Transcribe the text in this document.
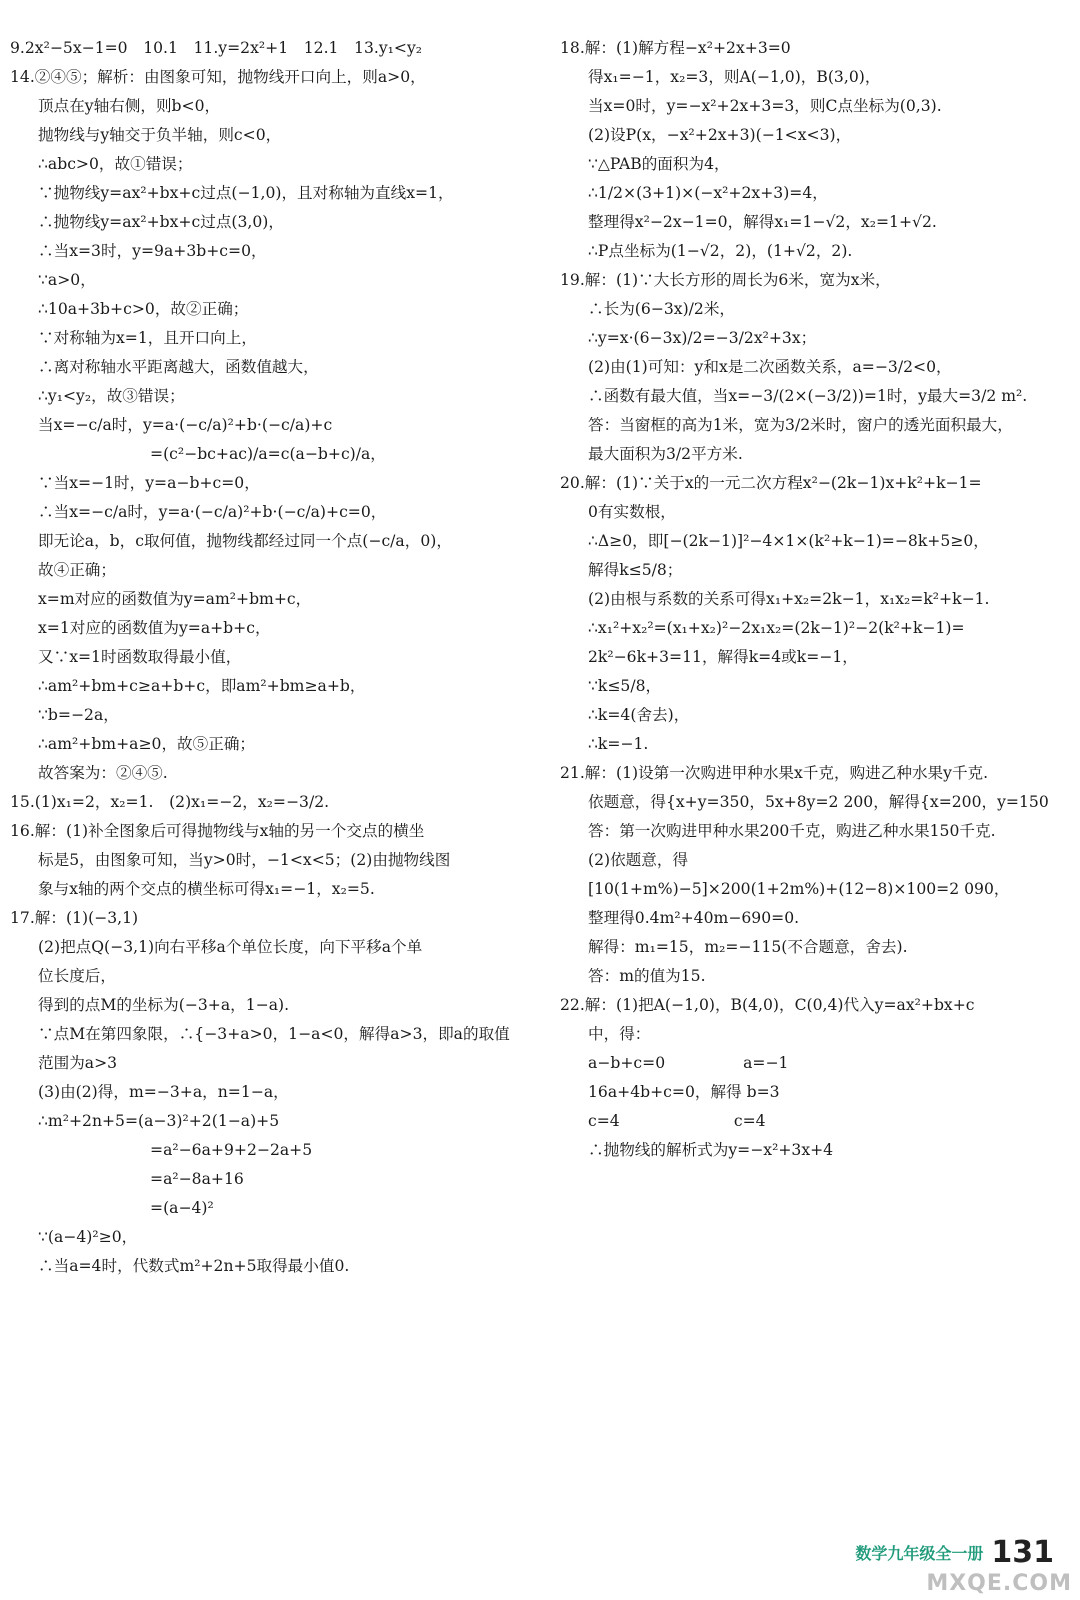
9.2x²−5x−1=0　10.1　11.y=2x²+1　12.1　13.y₁<y₂
14.②④⑤；解析：由图象可知，抛物线开口向上，则a>0，
顶点在y轴右侧，则b<0，
抛物线与y轴交于负半轴，则c<0，
∴abc>0，故①错误；
∵抛物线y=ax²+bx+c过点(−1,0)，且对称轴为直线x=1，
∴抛物线y=ax²+bx+c过点(3,0)，
∴当x=3时，y=9a+3b+c=0，
∵a>0，
∴10a+3b+c>0，故②正确；
∵对称轴为x=1，且开口向上，
∴离对称轴水平距离越大，函数值越大，
∴y₁<y₂，故③错误；
当x=−c/a时，y=a·(−c/a)²+b·(−c/a)+c
=(c²−bc+ac)/a=c(a−b+c)/a，
∵当x=−1时，y=a−b+c=0，
∴当x=−c/a时，y=a·(−c/a)²+b·(−c/a)+c=0，
即无论a，b，c取何值，抛物线都经过同一个点(−c/a，0)，
故④正确；
x=m对应的函数值为y=am²+bm+c，
x=1对应的函数值为y=a+b+c，
又∵x=1时函数取得最小值，
∴am²+bm+c≥a+b+c，即am²+bm≥a+b，
∵b=−2a，
∴am²+bm+a≥0，故⑤正确；
故答案为：②④⑤.
15.(1)x₁=2，x₂=1.　(2)x₁=−2，x₂=−3/2.
16.解：(1)补全图象后可得抛物线与x轴的另一个交点的横坐
标是5，由图象可知，当y>0时，−1<x<5；(2)由抛物线图
象与x轴的两个交点的横坐标可得x₁=−1，x₂=5.
17.解：(1)(−3,1)
(2)把点Q(−3,1)向右平移a个单位长度，向下平移a个单
位长度后，
得到的点M的坐标为(−3+a，1−a).
∵点M在第四象限，∴{−3+a>0，1−a<0，解得a>3，即a的取值
范围为a>3
(3)由(2)得，m=−3+a，n=1−a，
∴m²+2n+5=(a−3)²+2(1−a)+5
=a²−6a+9+2−2a+5
=a²−8a+16
=(a−4)²
∵(a−4)²≥0，
∴当a=4时，代数式m²+2n+5取得最小值0.
18.解：(1)解方程−x²+2x+3=0
得x₁=−1，x₂=3，则A(−1,0)，B(3,0)，
当x=0时，y=−x²+2x+3=3，则C点坐标为(0,3).
(2)设P(x，−x²+2x+3)(−1<x<3)，
∵△PAB的面积为4，
∴1/2×(3+1)×(−x²+2x+3)=4，
整理得x²−2x−1=0，解得x₁=1−√2，x₂=1+√2.
∴P点坐标为(1−√2，2)，(1+√2，2).
19.解：(1)∵大长方形的周长为6米，宽为x米，
∴长为(6−3x)/2米，
∴y=x·(6−3x)/2=−3/2x²+3x；
(2)由(1)可知：y和x是二次函数关系，a=−3/2<0，
∴函数有最大值，当x=−3/(2×(−3/2))=1时，y最大=3/2 m².
答：当窗框的高为1米，宽为3/2米时，窗户的透光面积最大，
最大面积为3/2平方米.
20.解：(1)∵关于x的一元二次方程x²−(2k−1)x+k²+k−1=
0有实数根，
∴Δ≥0，即[−(2k−1)]²−4×1×(k²+k−1)=−8k+5≥0，
解得k≤5/8；
(2)由根与系数的关系可得x₁+x₂=2k−1，x₁x₂=k²+k−1.
∴x₁²+x₂²=(x₁+x₂)²−2x₁x₂=(2k−1)²−2(k²+k−1)=
2k²−6k+3=11，解得k=4或k=−1，
∵k≤5/8，
∴k=4(舍去)，
∴k=−1.
21.解：(1)设第一次购进甲种水果x千克，购进乙种水果y千克.
依题意，得{x+y=350，5x+8y=2 200，解得{x=200，y=150
答：第一次购进甲种水果200千克，购进乙种水果150千克.
(2)依题意，得
[10(1+m%)−5]×200(1+2m%)+(12−8)×100=2 090，
整理得0.4m²+40m−690=0.
解得：m₁=15，m₂=−115(不合题意，舍去).
答：m的值为15.
22.解：(1)把A(−1,0)，B(4,0)，C(0,4)代入y=ax²+bx+c
中，得：
a−b+c=0　　　　　a=−1
16a+4b+c=0，解得 b=3
c=4　　　　　　　 c=4
∴抛物线的解析式为y=−x²+3x+4
数学九年级全一册 131
MXQE.COM
